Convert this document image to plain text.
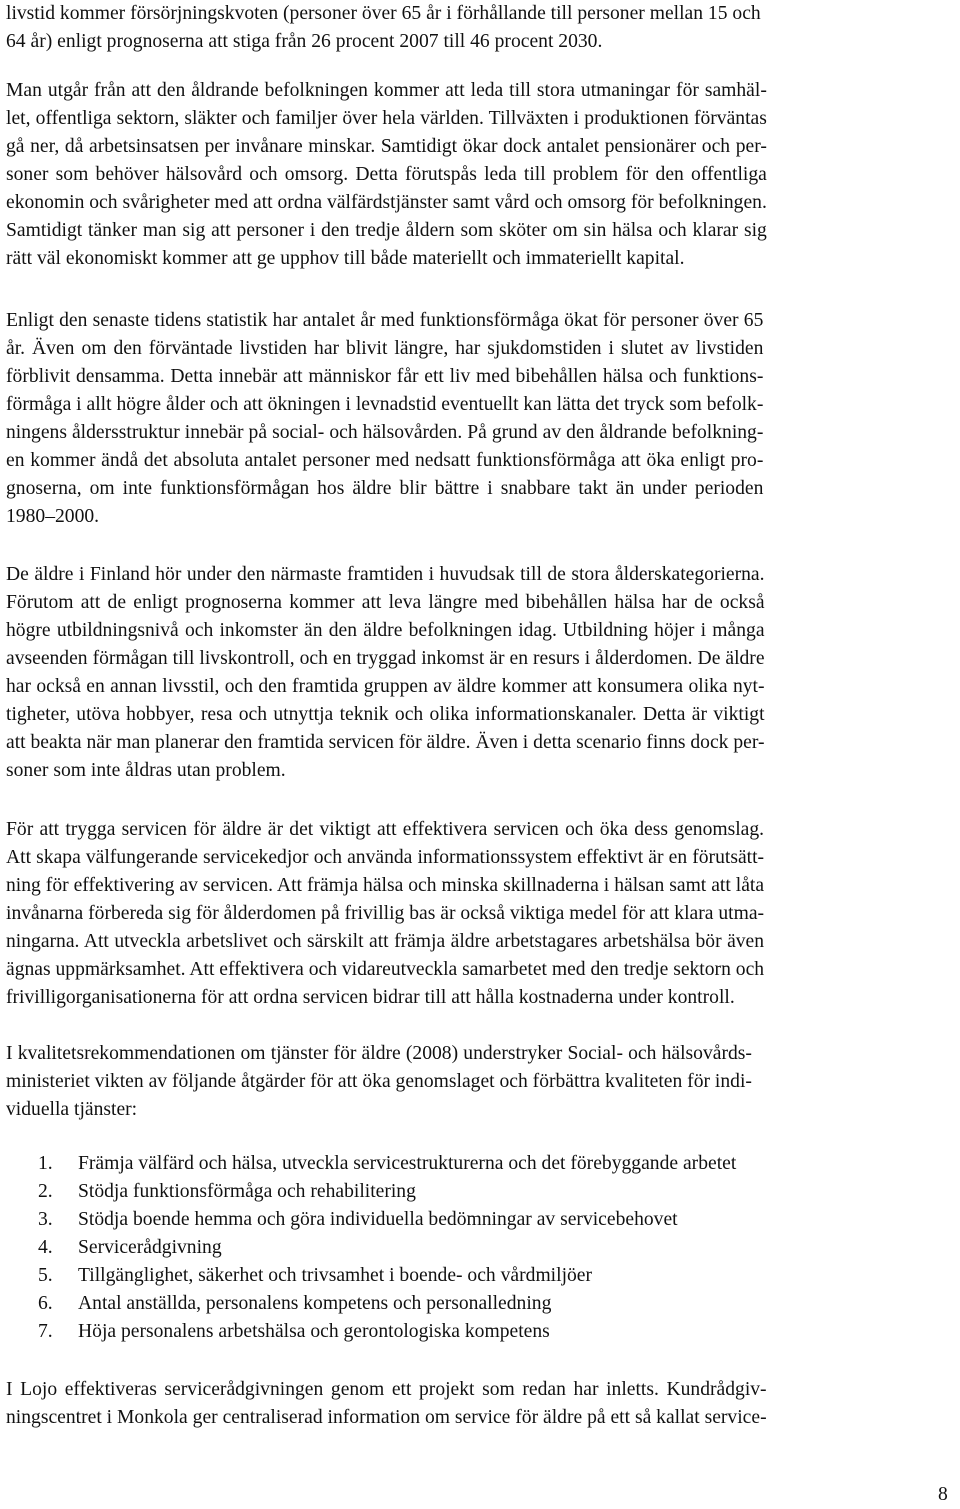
livstid kommer försörjningskvoten (personer över 65 år i förhållande till personer mellan 15 och
64 år) enligt prognoserna att stiga från 26 procent 2007 till 46 procent 2030.
Man utgår från att den åldrande befolkningen kommer att leda till stora utmaningar för samhäl-
let, offentliga sektorn, släkter och familjer över hela världen. Tillväxten i produktionen förväntas
gå ner, då arbetsinsatsen per invånare minskar. Samtidigt ökar dock antalet pensionärer och per-
soner som behöver hälsovård och omsorg. Detta förutspås leda till problem för den offentliga
ekonomin och svårigheter med att ordna välfärdstjänster samt vård och omsorg för befolkningen.
Samtidigt tänker man sig att personer i den tredje åldern som sköter om sin hälsa och klarar sig
rätt väl ekonomiskt kommer att ge upphov till både materiellt och immateriellt kapital.
Enligt den senaste tidens statistik har antalet år med funktionsförmåga ökat för personer över 65
år. Även om den förväntade livstiden har blivit längre, har sjukdomstiden i slutet av livstiden
förblivit densamma. Detta innebär att människor får ett liv med bibehållen hälsa och funktions-
förmåga i allt högre ålder och att ökningen i levnadstid eventuellt kan lätta det tryck som befolk-
ningens åldersstruktur innebär på social- och hälsovården. På grund av den åldrande befolkning-
en kommer ändå det absoluta antalet personer med nedsatt funktionsförmåga att öka enligt pro-
gnoserna, om inte funktionsförmågan hos äldre blir bättre i snabbare takt än under perioden
1980–2000.
De äldre i Finland hör under den närmaste framtiden i huvudsak till de stora ålderskategorierna.
Förutom att de enligt prognoserna kommer att leva längre med bibehållen hälsa har de också
högre utbildningsnivå och inkomster än den äldre befolkningen idag. Utbildning höjer i många
avseenden förmågan till livskontroll, och en tryggad inkomst är en resurs i ålderdomen. De äldre
har också en annan livsstil, och den framtida gruppen av äldre kommer att konsumera olika nyt-
tigheter, utöva hobbyer, resa och utnyttja teknik och olika informationskanaler. Detta är viktigt
att beakta när man planerar den framtida servicen för äldre. Även i detta scenario finns dock per-
soner som inte åldras utan problem.
För att trygga servicen för äldre är det viktigt att effektivera servicen och öka dess genomslag.
Att skapa välfungerande servicekedjor och använda informationssystem effektivt är en förutsätt-
ning för effektivering av servicen. Att främja hälsa och minska skillnaderna i hälsan samt att låta
invånarna förbereda sig för ålderdomen på frivillig bas är också viktiga medel för att klara utma-
ningarna. Att utveckla arbetslivet och särskilt att främja äldre arbetstagares arbetshälsa bör även
ägnas uppmärksamhet. Att effektivera och vidareutveckla samarbetet med den tredje sektorn och
frivilligorganisationerna för att ordna servicen bidrar till att hålla kostnaderna under kontroll.
I kvalitetsrekommendationen om tjänster för äldre (2008) understryker Social- och hälsovårds-
ministeriet vikten av följande åtgärder för att öka genomslaget och förbättra kvaliteten för indi-
viduella tjänster:
1.	Främja välfärd och hälsa, utveckla servicestrukturerna och det förebyggande arbetet
2.	Stödja funktionsförmåga och rehabilitering
3.	Stödja boende hemma och göra individuella bedömningar av servicebehovet
4.	Servicerådgivning
5.	Tillgänglighet, säkerhet och trivsamhet i boende- och vårdmiljöer
6.	Antal anställda, personalens kompetens och personalledning
7.	Höja personalens arbetshälsa och gerontologiska kompetens
I Lojo effektiveras servicerådgivningen genom ett projekt som redan har inletts. Kundrådgiv-
ningscentret i Monkola ger centraliserad information om service för äldre på ett så kallat service-
8
